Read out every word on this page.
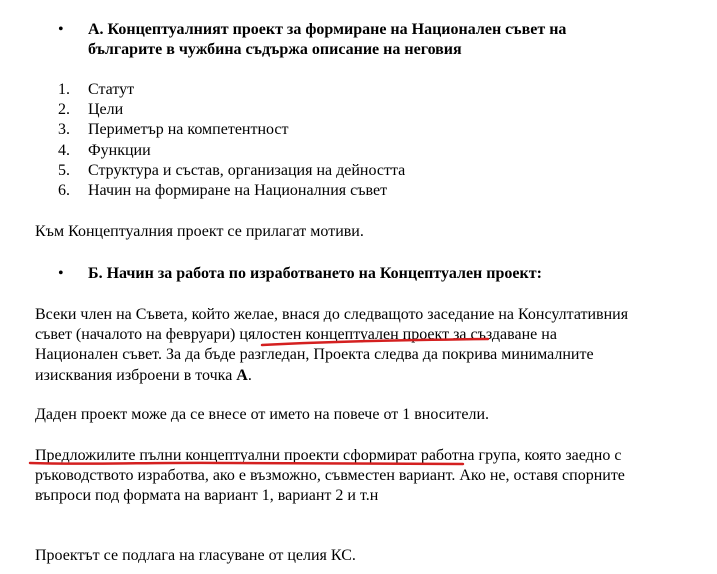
• А. Концептуалният проект за формиране на Национален съвет на
българите в чужбина съдържа описание на неговия
1. Статут
2. Цели
3. Периметър на компетентност
4. Функции
5. Структура и състав, организация на дейността
6. Начин на формиране на Националния съвет
Към Концептуалния проект се прилагат мотиви.
• Б. Начин за работа по изработването на Концептуален проект:
Всеки член на Съвета, който желае, внася до следващото заседание на Консултативния
съвет (началото на февруари) цялостен концептуален проект за създаване на
Национален съвет. За да бъде разгледан, Проекта следва да покрива минималните
изисквания изброени в точка А.
Даден проект може да се внесе от името на повече от 1 вносители.
Предложилите пълни концептуални проекти сформират работна група, която заедно с
ръководството изработва, ако е възможно, съвместен вариант. Ако не, оставя спорните
въпроси под формата на вариант 1, вариант 2 и т.н
Проектът се подлага на гласуване от целия КС.
